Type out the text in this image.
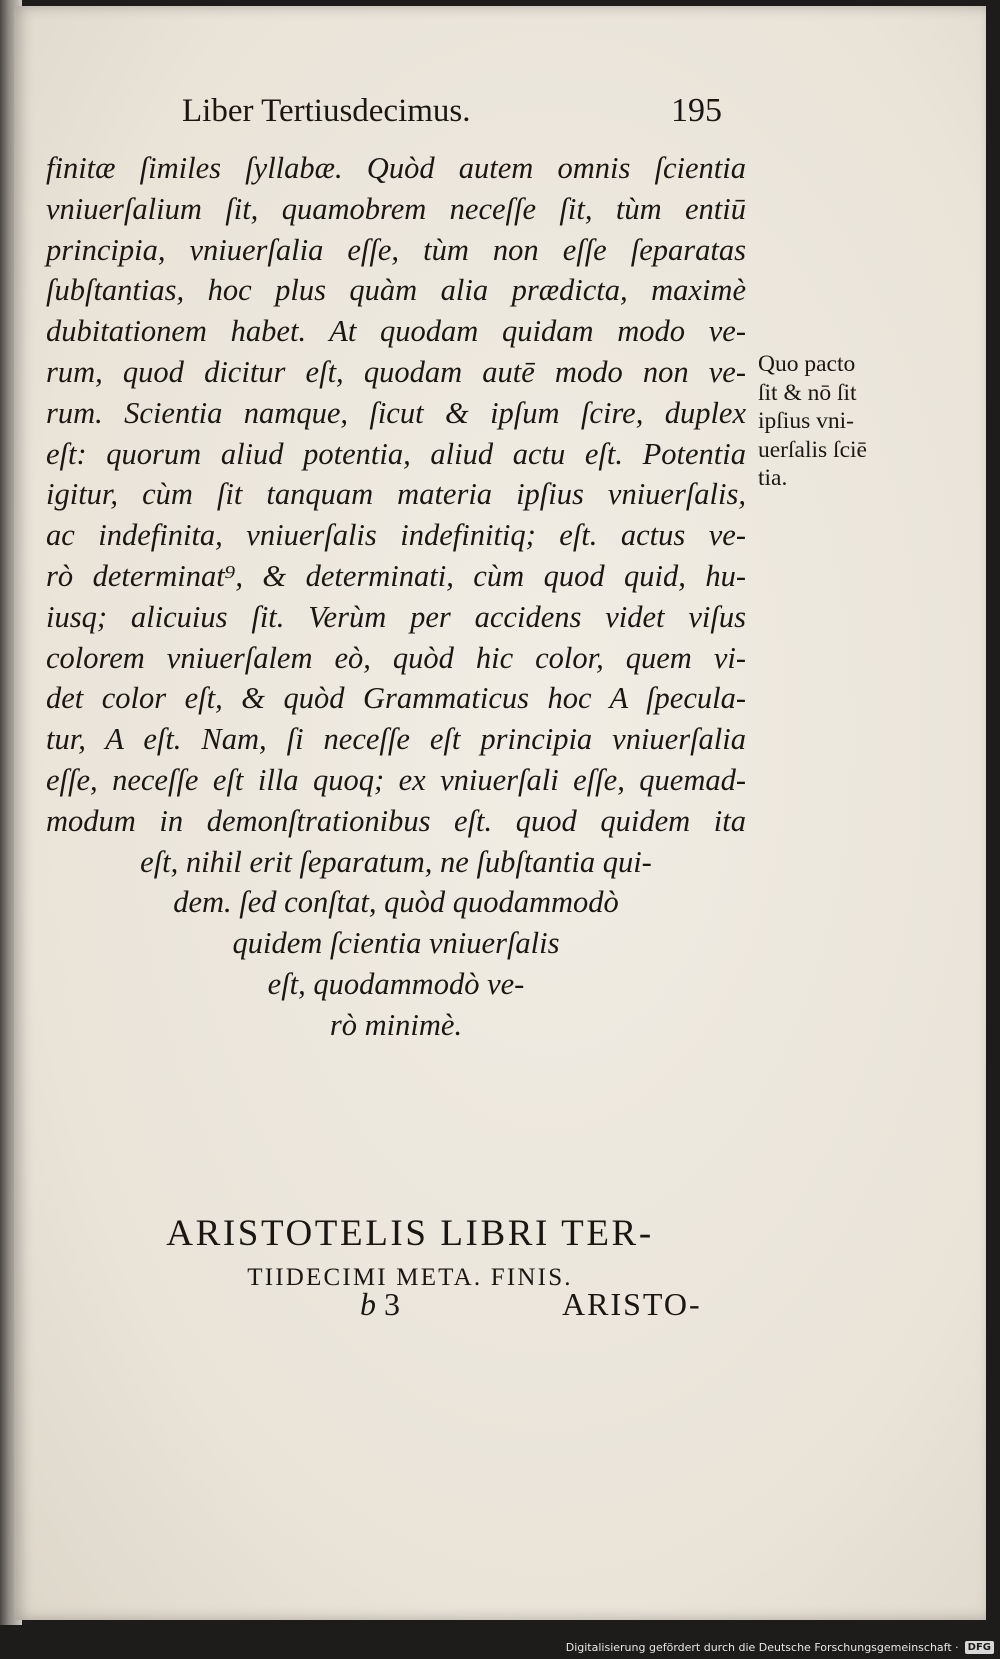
Liber Tertiusdecimus.	195
finitæ ſimiles ſyllabæ. Quòd autem omnis ſcientia
vniuerſalium ſit, quamobrem neceſſe ſit, tùm entiū
principia, vniuerſalia eſſe, tùm non eſſe ſeparatas
ſubſtantias, hoc plus quàm alia prædicta, maximè
dubitationem habet. At quodam quidam modo ve-
rum, quod dicitur eſt, quodam autē modo non ve-
rum. Scientia namque, ſicut & ipſum ſcire, duplex
eſt: quorum aliud potentia, aliud actu eſt. Potentia
igitur, cùm ſit tanquam materia ipſius vniuerſalis,
ac indefinita, vniuerſalis indefinitiq; eſt. actus ve-
rò determinat⁹, & determinati, cùm quod quid, hu-
iusq; alicuius ſit. Verùm per accidens videt viſus
colorem vniuerſalem eò, quòd hic color, quem vi-
det color eſt, & quòd Grammaticus hoc A ſpecula-
tur, A eſt. Nam, ſi neceſſe eſt principia vniuerſalia
eſſe, neceſſe eſt illa quoq; ex vniuerſali eſſe, quemad-
modum in demonſtrationibus eſt. quod quidem ita
eſt, nihil erit ſeparatum, ne ſubſtantia qui-
dem. ſed conſtat, quòd quodammodò
quidem ſcientia vniuerſalis
eſt, quodammodò ve-
rò minimè.
Quo pacto
ſit & nō ſit
ipſius vni-
uerſalis ſciē
tia.
ARISTOTELIS LIBRI TER-
TIIDECIMI META. FINIS.
b 3	ARISTO-
Digitalisierung gefördert durch die Deutsche Forschungsgemeinschaft · DFG
